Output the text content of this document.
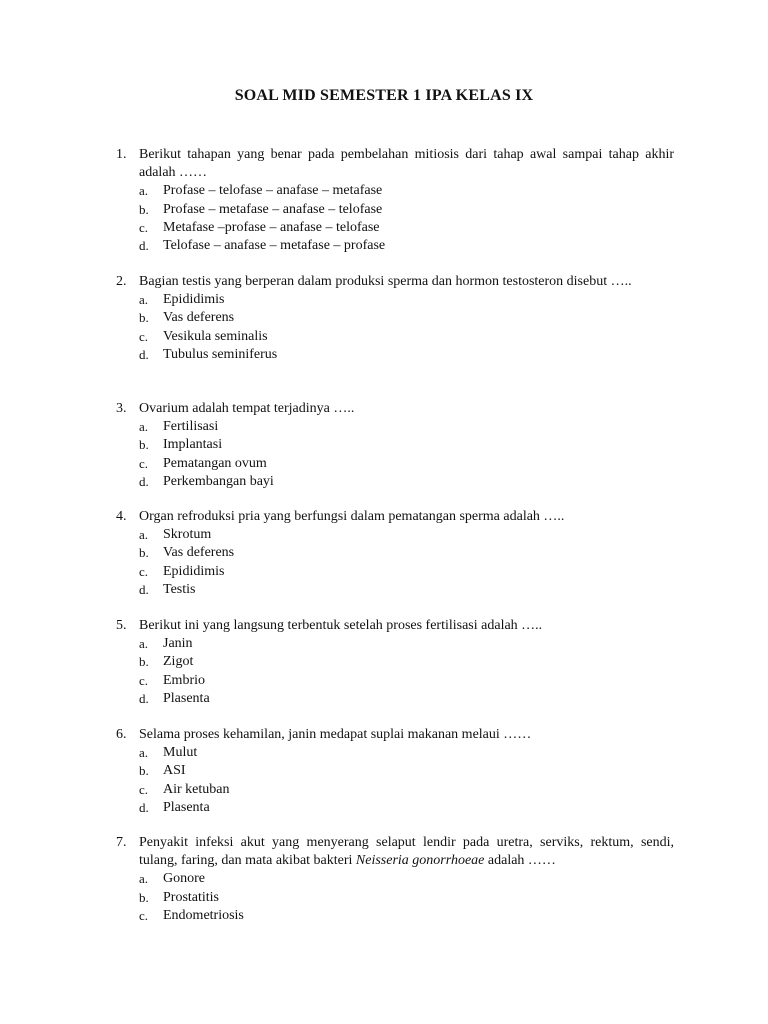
SOAL MID SEMESTER 1 IPA KELAS IX
1. Berikut tahapan yang benar pada pembelahan mitiosis dari tahap awal sampai tahap akhir adalah ……
a. Profase – telofase – anafase – metafase
b. Profase – metafase – anafase – telofase
c. Metafase –profase – anafase – telofase
d. Telofase – anafase – metafase – profase
2. Bagian testis yang berperan dalam produksi sperma dan hormon testosteron disebut …..
a. Epididimis
b. Vas deferens
c. Vesikula seminalis
d. Tubulus seminiferus
3. Ovarium adalah tempat terjadinya …..
a. Fertilisasi
b. Implantasi
c. Pematangan ovum
d. Perkembangan bayi
4. Organ refroduksi pria yang berfungsi dalam pematangan sperma adalah …..
a. Skrotum
b. Vas deferens
c. Epididimis
d. Testis
5. Berikut ini yang langsung terbentuk setelah proses fertilisasi adalah …..
a. Janin
b. Zigot
c. Embrio
d. Plasenta
6. Selama proses kehamilan, janin medapat suplai makanan melaui ……
a. Mulut
b. ASI
c. Air ketuban
d. Plasenta
7. Penyakit infeksi akut yang menyerang selaput lendir pada uretra, serviks, rektum, sendi, tulang, faring, dan mata akibat bakteri Neisseria gonorrhoeae adalah ……
a. Gonore
b. Prostatitis
c. Endometriosis
